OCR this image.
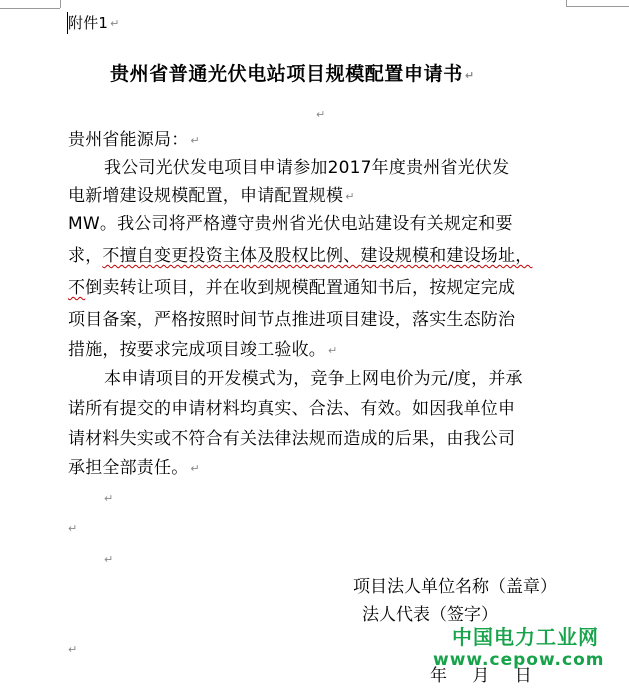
附件1 ↵
贵州省普通光伏电站项目规模配置申请书 ↵
↵
贵州省能源局： ↵
我公司光伏发电项目申请参加2017年度贵州省光伏发
电新增建设规模配置，申请配置规模 ↵
MW。我公司将严格遵守贵州省光伏电站建设有关规定和要
求，不擅自变更投资主体及股权比例、建设规模和建设场址，
不倒卖转让项目，并在收到规模配置通知书后，按规定完成
项目备案，严格按照时间节点推进项目建设，落实生态防治
措施，按要求完成项目竣工验收。 ↵
本申请项目的开发模式为，竞争上网电价为元/度，并承
诺所有提交的申请材料均真实、合法、有效。如因我单位申
请材料失实或不符合有关法律法规而造成的后果，由我公司
承担全部责任。 ↵
↵
↵
↵
项目法人单位名称（盖章）
法人代表（签字）
↵
年 月 日
中国电力工业网
www.cepow.com
